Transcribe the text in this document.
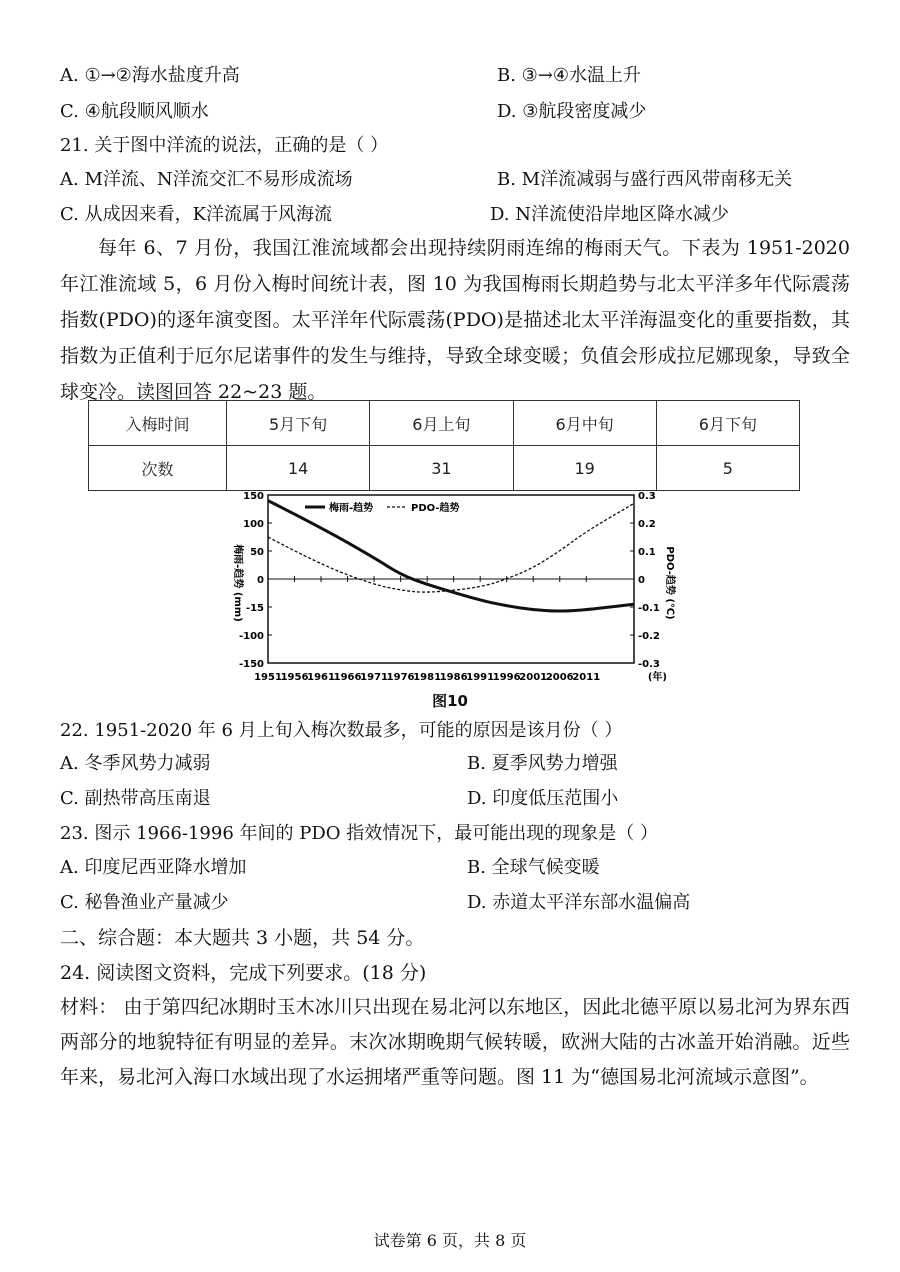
A. ①→②海水盐度升高	B. ③→④水温上升
C. ④航段顺风顺水	D. ③航段密度减少
21. 关于图中洋流的说法，正确的是（ ）
A. M洋流、N洋流交汇不易形成流场	B. M洋流减弱与盛行西风带南移无关
C. 从成因来看，K洋流属于风海流	D. N洋流使沿岸地区降水减少
每年 6、7 月份，我国江淮流域都会出现持续阴雨连绵的梅雨天气。下表为 1951-2020 年江淮流域 5，6 月份入梅时间统计表，图 10 为我国梅雨长期趋势与北太平洋多年代际震荡指数(PDO)的逐年演变图。太平洋年代际震荡(PDO)是描述北太平洋海温变化的重要指数，其指数为正值利于厄尔尼诺事件的发生与维持，导致全球变暖；负值会形成拉尼娜现象，导致全球变冷。读图回答 22~23 题。
入梅时间	5月下旬	6月上旬	6月中旬	6月下旬
次数	14	31	19	5
150
100
50
0
-15
-100
-150
0.3
0.2
0.1
0
-0.1
-0.2
-0.3
1951
1956
1961
1966
1971
1976
1981
1986
1991
1996
2001
2006
2011
梅雨-趋势	PDO-趋势
梅雨-趋势 (mm)	PDO-趋势 (℃)
(年)
图10
22. 1951-2020 年 6 月上旬入梅次数最多，可能的原因是该月份（ ）
A. 冬季风势力减弱	B. 夏季风势力增强
C. 副热带高压南退	D. 印度低压范围小
23. 图示 1966-1996 年间的 PDO 指效情况下，最可能出现的现象是（ ）
A. 印度尼西亚降水增加	B. 全球气候变暖
C. 秘鲁渔业产量减少	D. 赤道太平洋东部水温偏高
二、综合题：本大题共 3 小题，共 54 分。
24. 阅读图文资料，完成下列要求。(18 分)
材料： 由于第四纪冰期时玉木冰川只出现在易北河以东地区，因此北德平原以易北河为界东西两部分的地貌特征有明显的差异。末次冰期晚期气候转暖，欧洲大陆的古冰盖开始消融。近些年来，易北河入海口水域出现了水运拥堵严重等问题。图 11 为“德国易北河流域示意图”。
试卷第 6 页，共 8 页
